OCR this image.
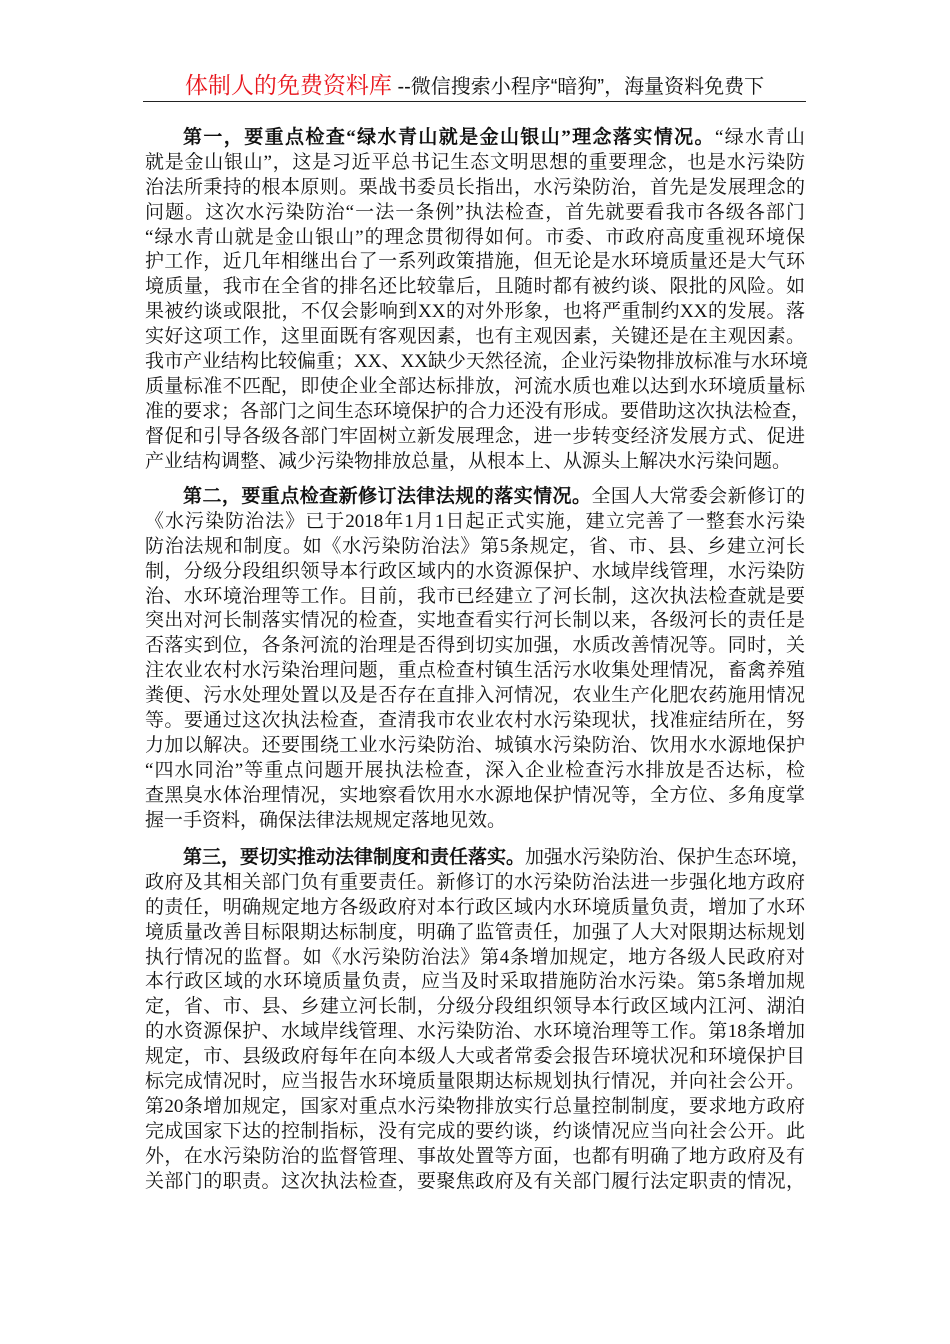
体制人的免费资料库 --微信搜索小程序“暗狗”，海量资料免费下
第一，要重点检查“绿水青山就是金山银山”理念落实情况。“绿水青山
就是金山银山”，这是习近平总书记生态文明思想的重要理念，也是水污染防
治法所秉持的根本原则。栗战书委员长指出，水污染防治，首先是发展理念的
问题。这次水污染防治“一法一条例”执法检查，首先就要看我市各级各部门
“绿水青山就是金山银山”的理念贯彻得如何。市委、市政府高度重视环境保
护工作，近几年相继出台了一系列政策措施，但无论是水环境质量还是大气环
境质量，我市在全省的排名还比较靠后，且随时都有被约谈、限批的风险。如
果被约谈或限批，不仅会影响到XX的对外形象，也将严重制约XX的发展。落
实好这项工作，这里面既有客观因素，也有主观因素，关键还是在主观因素。
我市产业结构比较偏重；XX、XX缺少天然径流，企业污染物排放标准与水环境
质量标准不匹配，即使企业全部达标排放，河流水质也难以达到水环境质量标
准的要求；各部门之间生态环境保护的合力还没有形成。要借助这次执法检查，
督促和引导各级各部门牢固树立新发展理念，进一步转变经济发展方式、促进
产业结构调整、减少污染物排放总量，从根本上、从源头上解决水污染问题。
第二，要重点检查新修订法律法规的落实情况。全国人大常委会新修订的
《水污染防治法》已于2018年1月1日起正式实施，建立完善了一整套水污染
防治法规和制度。如《水污染防治法》第5条规定，省、市、县、乡建立河长
制，分级分段组织领导本行政区域内的水资源保护、水域岸线管理，水污染防
治、水环境治理等工作。目前，我市已经建立了河长制，这次执法检查就是要
突出对河长制落实情况的检查，实地查看实行河长制以来，各级河长的责任是
否落实到位，各条河流的治理是否得到切实加强，水质改善情况等。同时，关
注农业农村水污染治理问题，重点检查村镇生活污水收集处理情况，畜禽养殖
粪便、污水处理处置以及是否存在直排入河情况，农业生产化肥农药施用情况
等。要通过这次执法检查，查清我市农业农村水污染现状，找准症结所在，努
力加以解决。还要围绕工业水污染防治、城镇水污染防治、饮用水水源地保护
“四水同治”等重点问题开展执法检查，深入企业检查污水排放是否达标，检
查黑臭水体治理情况，实地察看饮用水水源地保护情况等，全方位、多角度掌
握一手资料，确保法律法规规定落地见效。
第三，要切实推动法律制度和责任落实。加强水污染防治、保护生态环境，
政府及其相关部门负有重要责任。新修订的水污染防治法进一步强化地方政府
的责任，明确规定地方各级政府对本行政区域内水环境质量负责，增加了水环
境质量改善目标限期达标制度，明确了监管责任，加强了人大对限期达标规划
执行情况的监督。如《水污染防治法》第4条增加规定，地方各级人民政府对
本行政区域的水环境质量负责，应当及时采取措施防治水污染。第5条增加规
定，省、市、县、乡建立河长制，分级分段组织领导本行政区域内江河、湖泊
的水资源保护、水域岸线管理、水污染防治、水环境治理等工作。第18条增加
规定，市、县级政府每年在向本级人大或者常委会报告环境状况和环境保护目
标完成情况时，应当报告水环境质量限期达标规划执行情况，并向社会公开。
第20条增加规定，国家对重点水污染物排放实行总量控制制度，要求地方政府
完成国家下达的控制指标，没有完成的要约谈，约谈情况应当向社会公开。此
外，在水污染防治的监督管理、事故处置等方面，也都有明确了地方政府及有
关部门的职责。这次执法检查，要聚焦政府及有关部门履行法定职责的情况，
